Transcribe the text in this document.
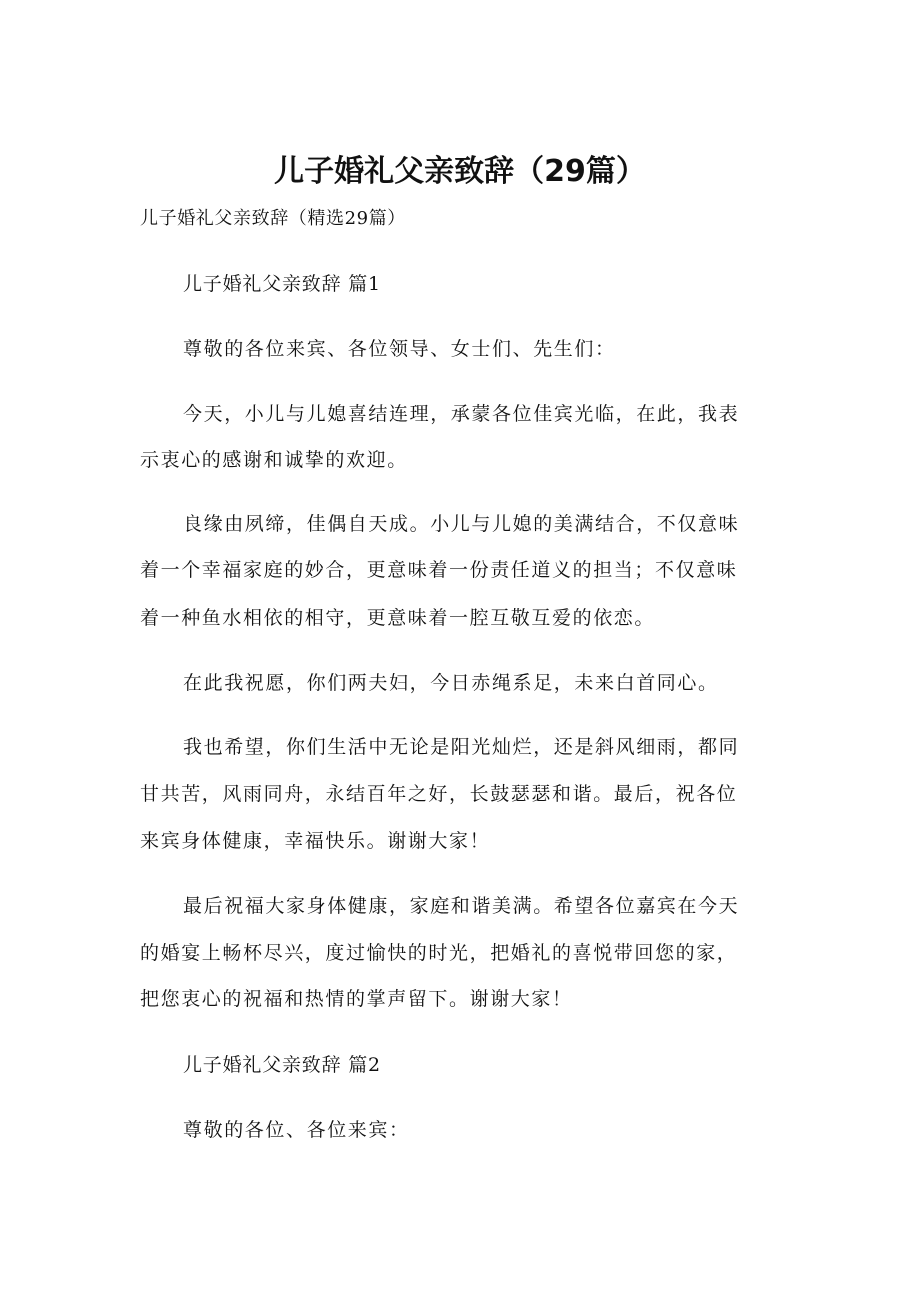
儿子婚礼父亲致辞（29篇）
儿子婚礼父亲致辞（精选29篇）
儿子婚礼父亲致辞 篇1
尊敬的各位来宾、各位领导、女士们、先生们：
今天，小儿与儿媳喜结连理，承蒙各位佳宾光临，在此，我表
示衷心的感谢和诚挚的欢迎。
良缘由夙缔，佳偶自天成。小儿与儿媳的美满结合，不仅意味
着一个幸福家庭的妙合，更意味着一份责任道义的担当；不仅意味
着一种鱼水相依的相守，更意味着一腔互敬互爱的依恋。
在此我祝愿，你们两夫妇，今日赤绳系足，未来白首同心。
我也希望，你们生活中无论是阳光灿烂，还是斜风细雨，都同
甘共苦，风雨同舟，永结百年之好，长鼓瑟瑟和谐。最后，祝各位
来宾身体健康，幸福快乐。谢谢大家！
最后祝福大家身体健康，家庭和谐美满。希望各位嘉宾在今天
的婚宴上畅杯尽兴，度过愉快的时光，把婚礼的喜悦带回您的家，
把您衷心的祝福和热情的掌声留下。谢谢大家！
儿子婚礼父亲致辞 篇2
尊敬的各位、各位来宾：
